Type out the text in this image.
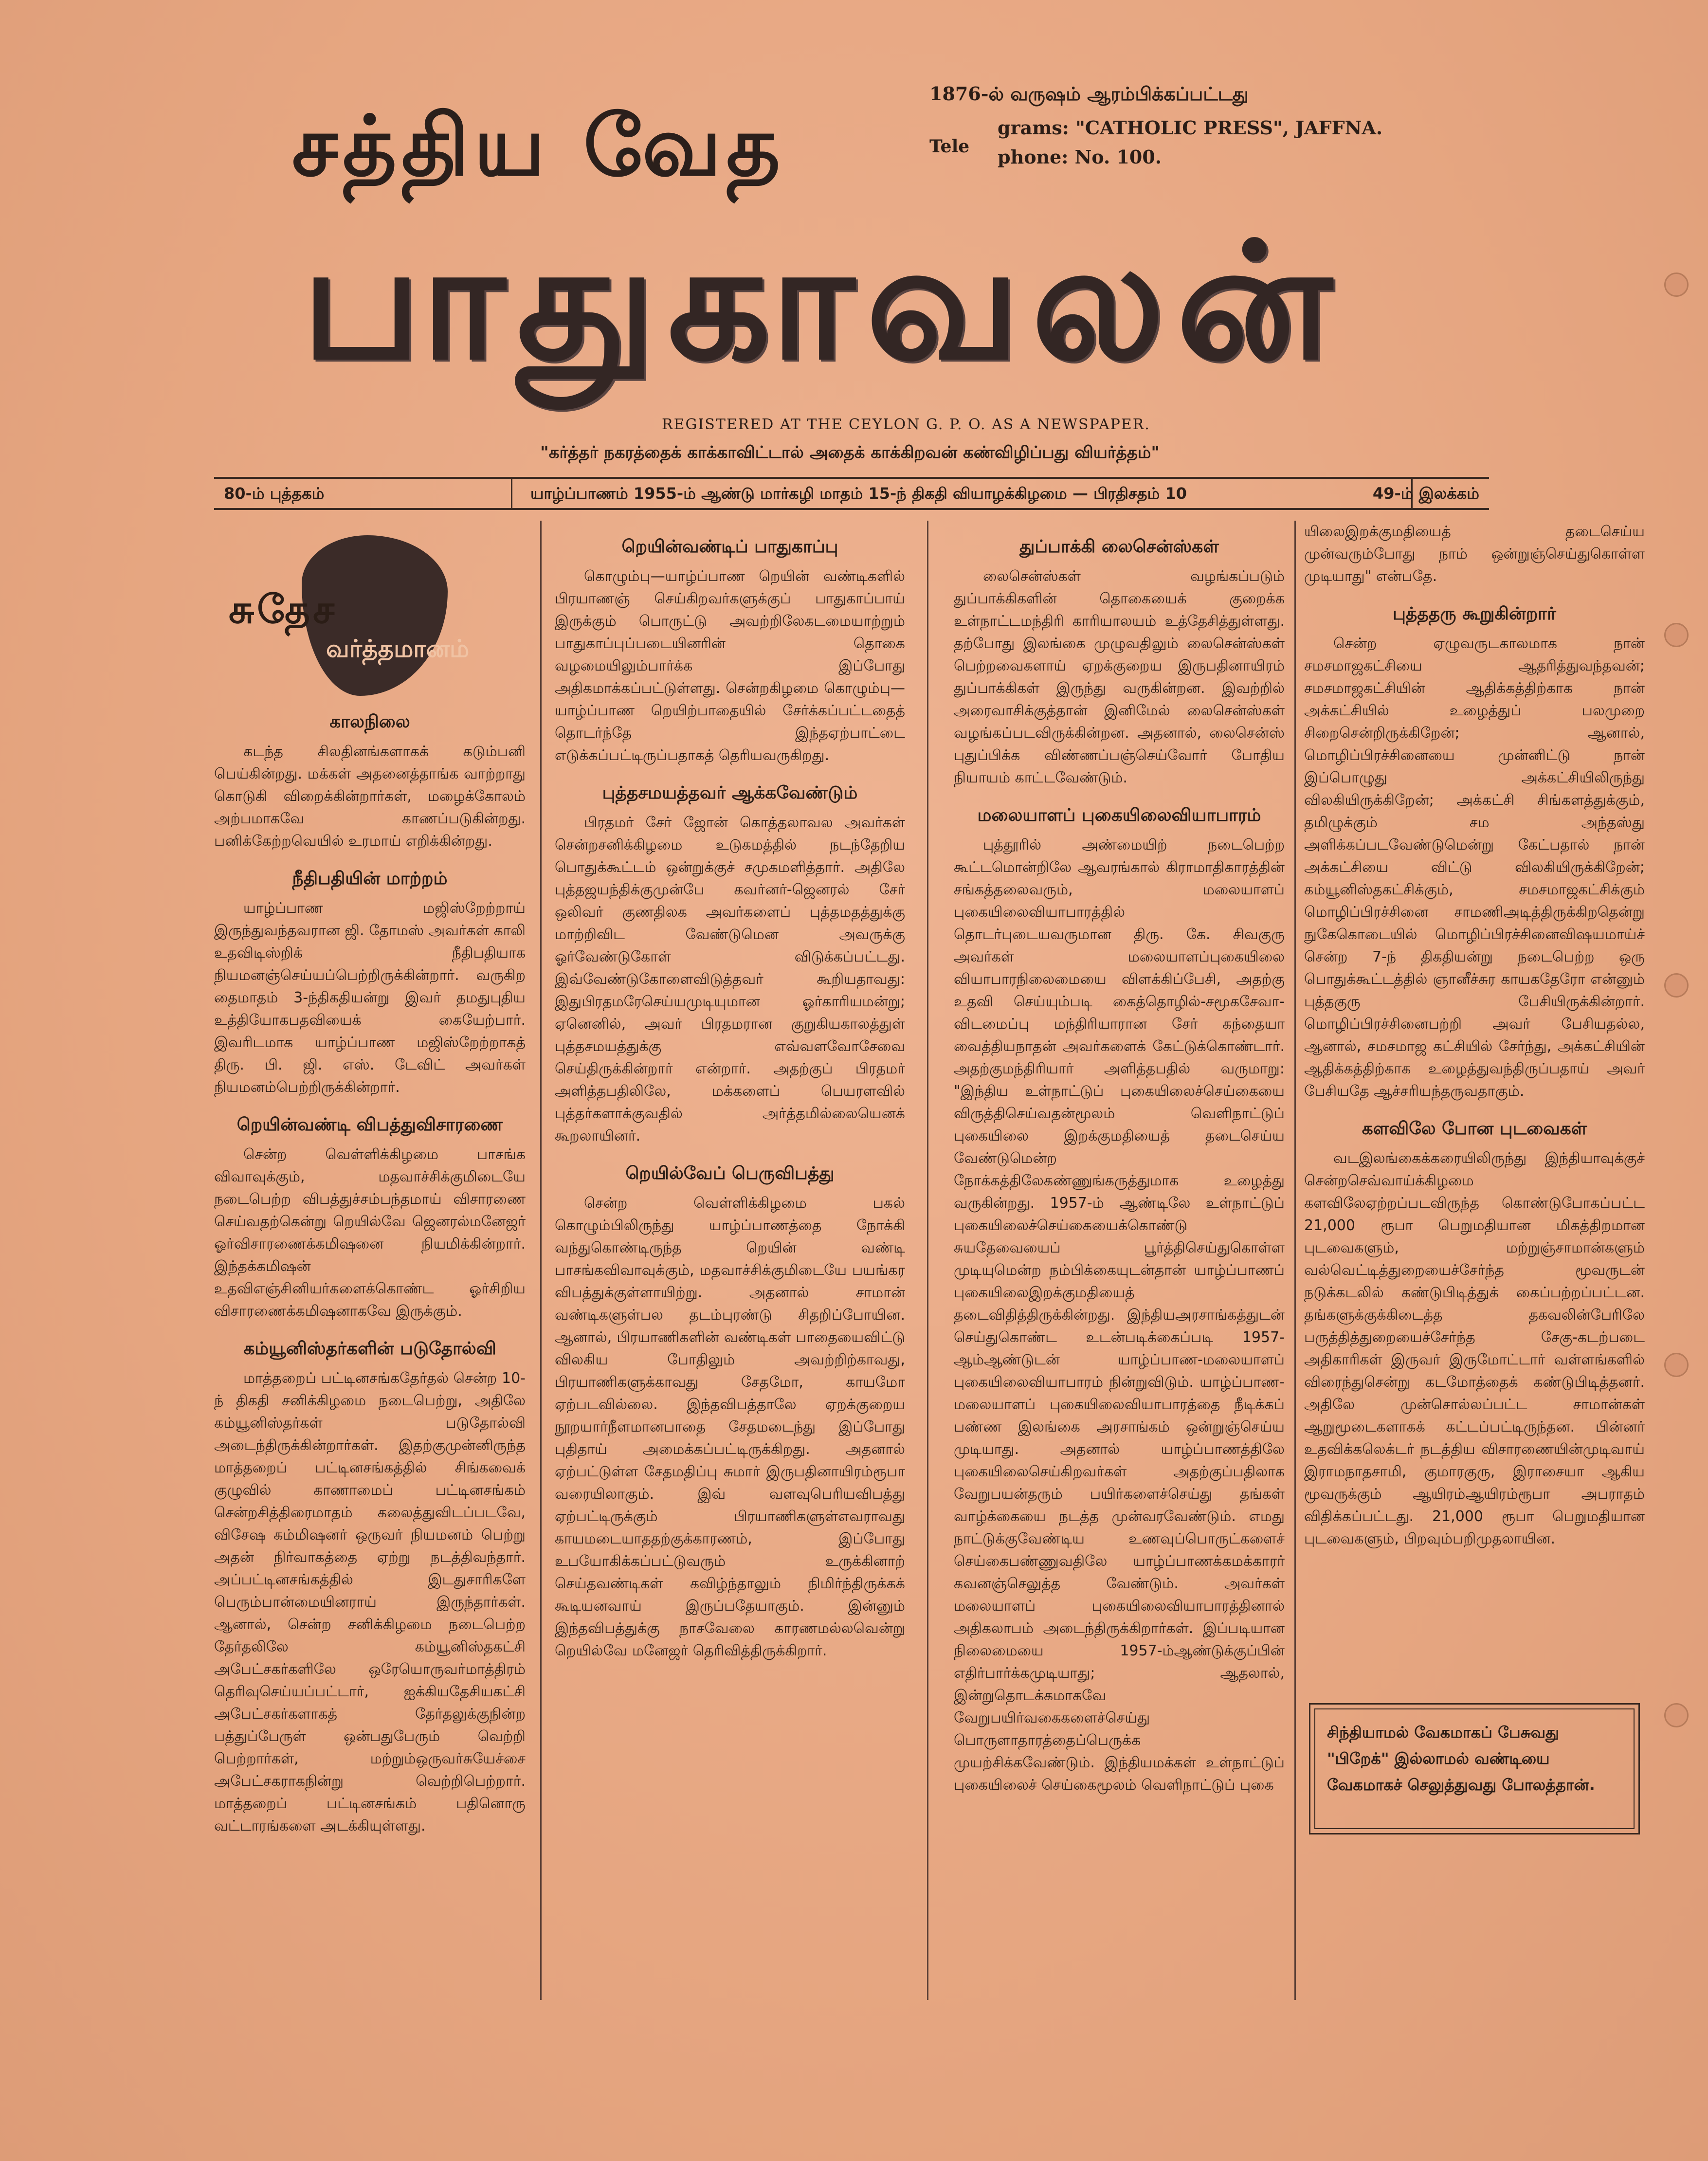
சத்திய வேத
பாதுகாவலன்
1876-ல் வருஷம் ஆரம்பிக்கப்பட்டது
Tele
grams: "CATHOLIC PRESS", JAFFNA.
phone: No. 100.
REGISTERED AT THE CEYLON G. P. O. AS A NEWSPAPER.
"கர்த்தர் நகரத்தைக் காக்காவிட்டால் அதைக் காக்கிறவன் கண்விழிப்பது வியர்த்தம்"
80-ம் புத்தகம்	யாழ்ப்பாணம் 1955-ம் ஆண்டு மார்கழி மாதம் 15-ந் திகதி வியாழக்கிழமை — பிரதிசதம் 10	49-ம் இலக்கம்
சுதேச
வர்த்தமானம்
காலநிலை

கடந்த சிலதினங்களாகக் கடும்பனி பெய்கின்றது. மக்கள் அதனைத்தாங்க வாற்றாது கொடுகி விறைக்கின்றார்கள், மழைக்கோலம் அற்பமாகவே காணப்படுகின்றது. பனிக்கேற்றவெயில் உரமாய் எறிக்கின்றது.

நீதிபதியின் மாற்றம்

யாழ்ப்பாண மஜிஸ்றேற்றாய் இருந்துவந்தவரான ஜி. தோமஸ் அவர்கள் காலி உதவிடிஸ்றிக் நீதிபதியாக நியமனஞ்செய்யப்பெற்றிருக்கின்றார். வருகிற தைமாதம் 3-ந்திகதியன்று இவர் தமதுபுதிய உத்தியோகபதவியைக் கையேற்பார். இவரிடமாக யாழ்ப்பாண மஜிஸ்றேற்றாகத் திரு. பி. ஜி. எஸ். டேவிட் அவர்கள் நியமனம்பெற்றிருக்கின்றார்.

றெயின்வண்டி விபத்துவிசாரணை

சென்ற வெள்ளிக்கிழமை பாசங்க விவாவுக்கும், மதவாச்சிக்குமிடையே நடைபெற்ற விபத்துச்சம்பந்தமாய் விசாரணை செய்வதற்கென்று றெயில்வே ஜெனரல்மனேஜர் ஓர்விசாரணைக்கமிஷனை நியமிக்கின்றார். இந்தக்கமிஷன் உதவிஎஞ்சினியர்களைக்கொண்ட ஓர்சிறிய விசாரணைக்கமிஷனாகவே இருக்கும்.

கம்யூனிஸ்தர்களின் படுதோல்வி

மாத்தறைப் பட்டினசங்கதேர்தல் சென்ற 10-ந் திகதி சனிக்கிழமை நடைபெற்று, அதிலே கம்யூனிஸ்தர்கள் படுதோல்வி அடைந்திருக்கின்றார்கள். இதற்குமுன்னிருந்த மாத்தறைப் பட்டினசங்கத்தில் சிங்கவைக் குழுவில் காணாமைப் பட்டினசங்கம் சென்றசித்திரைமாதம் கலைத்துவிடப்படவே, விசேஷ கம்மிஷனர் ஒருவர் நியமனம் பெற்று அதன் நிர்வாகத்தை ஏற்று நடத்திவந்தார். அப்பட்டினசங்கத்தில் இடதுசாரிகளே பெரும்பான்மையினராய் இருந்தார்கள். ஆனால், சென்ற சனிக்கிழமை நடைபெற்ற தேர்தலிலே கம்யூனிஸ்தகட்சி அபேட்சகர்களிலே ஒரேயொருவர்மாத்திரம் தெரிவுசெய்யப்பட்டார், ஐக்கியதேசியகட்சி அபேட்சகர்களாகத் தேர்தலுக்குநின்ற பத்துப்பேருள் ஒன்பதுபேரும் வெற்றி பெற்றார்கள், மற்றும்ஒருவர்சுயேச்சை அபேட்சகராகநின்று வெற்றிபெற்றார். மாத்தறைப் பட்டினசங்கம் பதினொரு வட்டாரங்களை அடக்கியுள்ளது.

றெயின்வண்டிப் பாதுகாப்பு

கொழும்பு—யாழ்ப்பாண றெயின் வண்டிகளில் பிரயாணஞ் செய்கிறவர்களுக்குப் பாதுகாப்பாய் இருக்கும் பொருட்டு அவற்றிலேகடமையாற்றும் பாதுகாப்புப்படையினரின் தொகை வழமையிலும்பார்க்க இப்போது அதிகமாக்கப்பட்டுள்ளது. சென்றகிழமை கொழும்பு—யாழ்ப்பாண றெயிற்பாதையில் சேர்க்கப்பட்டதைத் தொடர்ந்தே இந்தஏற்பாட்டை எடுக்கப்பட்டிருப்பதாகத் தெரியவருகிறது.

புத்தசமயத்தவர் ஆக்கவேண்டும்

பிரதமர் சேர் ஜோன் கொத்தலாவல அவர்கள் சென்றசனிக்கிழமை உடுகமத்தில் நடந்தேறிய பொதுக்கூட்டம் ஒன்றுக்குச் சமுகமளித்தார். அதிலே புத்தஜயந்திக்குமுன்பே கவர்னர்-ஜெனரல் சேர் ஒலிவர் குணதிலக அவர்களைப் புத்தமதத்துக்கு மாற்றிவிட வேண்டுமென அவருக்கு ஓர்வேண்டுகோள் விடுக்கப்பட்டது. இவ்வேண்டுகோளைவிடுத்தவர் கூறியதாவது: இதுபிரதமரேசெய்யமுடியுமான ஓர்காரியமன்று; ஏனெனில், அவர் பிரதமரான குறுகியகாலத்துள் புத்தசமயத்துக்கு எவ்வளவோசேவை செய்திருக்கின்றார் என்றார். அதற்குப் பிரதமர் அளித்தபதிலிலே, மக்களைப் பெயரளவில் புத்தர்களாக்குவதில் அர்த்தமில்லையெனக் கூறலாயினர்.

றெயில்வேப் பெருவிபத்து

சென்ற வெள்ளிக்கிழமை பகல் கொழும்பிலிருந்து யாழ்ப்பாணத்தை நோக்கி வந்துகொண்டிருந்த றெயின் வண்டி பாசங்கவிவாவுக்கும், மதவாச்சிக்குமிடையே பயங்கர விபத்துக்குள்ளாயிற்று. அதனால் சாமான் வண்டிகளுள்பல தடம்புரண்டு சிதறிப்போயின. ஆனால், பிரயாணிகளின் வண்டிகள் பாதையைவிட்டு விலகிய போதிலும் அவற்றிற்காவது, பிரயாணிகளுக்காவது சேதமோ, காயமோ ஏற்படவில்லை. இந்தவிபத்தாலே ஏறக்குறைய நூறயார்நீளமானபாதை சேதமடைந்து இப்போது புதிதாய் அமைக்கப்பட்டிருக்கிறது. அதனால் ஏற்பட்டுள்ள சேதமதிப்பு சுமார் இருபதினாயிரம்ரூபா வரையிலாகும். இவ் வளவுபெரியவிபத்து ஏற்பட்டிருக்கும் பிரயாணிகளுள்எவராவது காயமடையாததற்குக்காரணம், இப்போது உபயோகிக்கப்பட்டுவரும் உருக்கினாற் செய்தவண்டிகள் கவிழ்ந்தாலும் நிமிர்ந்திருக்கக் கூடியனவாய் இருப்பதேயாகும். இன்னும் இந்தவிபத்துக்கு நாசவேலை காரணமல்லவென்று றெயில்வே மனேஜர் தெரிவித்திருக்கிறார்.

துப்பாக்கி லைசென்ஸ்கள்

லைசென்ஸ்கள் வழங்கப்படும் துப்பாக்கிகளின் தொகையைக் குறைக்க உள்நாட்டமந்திரி காரியாலயம் உத்தேசித்துள்ளது. தற்போது இலங்கை முழுவதிலும் லைசென்ஸ்கள் பெற்றவைகளாய் ஏறக்குறைய இருபதினாயிரம் துப்பாக்கிகள் இருந்து வருகின்றன. இவற்றில் அரைவாசிக்குத்தான் இனிமேல் லைசென்ஸ்கள் வழங்கப்படவிருக்கின்றன. அதனால், லைசென்ஸ் புதுப்பிக்க விண்ணப்பஞ்செய்வோர் போதிய நியாயம் காட்டவேண்டும்.

மலையாளப் புகையிலைவியாபாரம்

புத்தூரில் அண்மையிற் நடைபெற்ற கூட்டமொன்றிலே ஆவரங்கால் கிராமாதிகாரத்தின் சங்கத்தலைவரும், மலையாளப் புகையிலைவியாபாரத்தில் தொடர்புடையவருமான திரு. கே. சிவகுரு அவர்கள் மலையாளப்புகையிலை வியாபாரநிலைமையை விளக்கிப்பேசி, அதற்கு உதவி செய்யும்படி கைத்தொழில்-சமூகசேவா-விடமைப்பு மந்திரியாரான சேர் கந்தையா வைத்தியநாதன் அவர்களைக் கேட்டுக்கொண்டார். அதற்குமந்திரியார் அளித்தபதில் வருமாறு: "இந்திய உள்நாட்டுப் புகையிலைச்செய்கையை விருத்திசெய்வதன்மூலம் வெளிநாட்டுப் புகையிலை இறக்குமதியைத் தடைசெய்ய வேண்டுமென்ற நோக்கத்திலேகண்ணுங்கருத்துமாக உழைத்து வருகின்றது. 1957-ம் ஆண்டிலே உள்நாட்டுப் புகையிலைச்செய்கையைக்கொண்டு சுயதேவையைப் பூர்த்திசெய்துகொள்ள முடியுமென்ற நம்பிக்கையுடன்தான் யாழ்ப்பாணப் புகையிலைஇறக்குமதியைத் தடைவிதித்திருக்கின்றது. இந்தியஅரசாங்கத்துடன் செய்துகொண்ட உடன்படிக்கைப்படி 1957-ஆம்ஆண்டுடன் யாழ்ப்பாண-மலையாளப் புகையிலைவியாபாரம் நின்றுவிடும். யாழ்ப்பாண-மலையாளப் புகையிலைவியாபாரத்தை நீடிக்கப் பண்ண இலங்கை அரசாங்கம் ஒன்றுஞ்செய்ய முடியாது. அதனால் யாழ்ப்பாணத்திலே புகையிலைசெய்கிறவர்கள் அதற்குப்பதிலாக வேறுபயன்தரும் பயிர்களைச்செய்து தங்கள் வாழ்க்கையை நடத்த முன்வரவேண்டும். எமது நாட்டுக்குவேண்டிய உணவுப்பொருட்களைச் செய்கைபண்ணுவதிலே யாழ்ப்பாணக்கமக்காரர் கவனஞ்செலுத்த வேண்டும். அவர்கள் மலையாளப் புகையிலைவியாபாரத்தினால் அதிகலாபம் அடைந்திருக்கிறார்கள். இப்படியான நிலைமையை 1957-ம்ஆண்டுக்குப்பின் எதிர்பார்க்கமுடியாது; ஆதலால், இன்றுதொடக்கமாகவே வேறுபயிர்வகைகளைச்செய்து பொருளாதாரத்தைப்பெருக்க முயற்சிக்கவேண்டும். இந்தியமக்கள் உள்நாட்டுப் புகையிலைச் செய்கைமூலம் வெளிநாட்டுப் புகை

யிலைஇறக்குமதியைத் தடைசெய்ய முன்வரும்போது நாம் ஒன்றுஞ்செய்துகொள்ள முடியாது" என்பதே.

புத்ததரு கூறுகின்றார்

சென்ற ஏழுவருடகாலமாக நான் சமசமாஜகட்சியை ஆதரித்துவந்தவன்; சமசமாஜகட்சியின் ஆதிக்கத்திற்காக நான் அக்கட்சியில் உழைத்துப் பலமுறை சிறைசென்றிருக்கிறேன்; ஆனால், மொழிப்பிரச்சினையை முன்னிட்டு நான் இப்பொழுது அக்கட்சியிலிருந்து விலகியிருக்கிறேன்; அக்கட்சி சிங்களத்துக்கும், தமிழுக்கும் சம அந்தஸ்து அளிக்கப்படவேண்டுமென்று கேட்பதால் நான் அக்கட்சியை விட்டு விலகியிருக்கிறேன்; கம்யூனிஸ்தகட்சிக்கும், சமசமாஜகட்சிக்கும் மொழிப்பிரச்சினை சாமணிஅடித்திருக்கிறதென்று நுகேகொடையில் மொழிப்பிரச்சினைவிஷயமாய்ச் சென்ற 7-ந் திகதியன்று நடைபெற்ற ஒரு பொதுக்கூட்டத்தில் ஞானீச்சுர காயகதேரோ என்னும் புத்தகுரு பேசியிருக்கின்றார். மொழிப்பிரச்சினைபற்றி அவர் பேசியதல்ல, ஆனால், சமசமாஜ கட்சியில் சேர்ந்து, அக்கட்சியின் ஆதிக்கத்திற்காக உழைத்துவந்திருப்பதாய் அவர் பேசியதே ஆச்சரியந்தருவதாகும்.

களவிலே போன புடவைகள்

வடஇலங்கைக்கரையிலிருந்து இந்தியாவுக்குச் சென்றசெவ்வாய்க்கிழமை களவிலேஏற்றப்படவிருந்த கொண்டுபோகப்பட்ட 21,000 ரூபா பெறுமதியான மிகத்திறமான புடவைகளும், மற்றுஞ்சாமான்களும் வல்வெட்டித்துறையைச்சேர்ந்த மூவருடன் நடுக்கடலில் கண்டுபிடித்துக் கைப்பற்றப்பட்டன. தங்களுக்குக்கிடைத்த தகவலின்பேரிலே பருத்தித்துறையைச்சேர்ந்த சேகு-கடற்படை அதிகாரிகள் இருவர் இருமோட்டார் வள்ளங்களில் விரைந்துசென்று கடமோத்தைக் கண்டுபிடித்தனர். அதிலே முன்சொல்லப்பட்ட சாமான்கள் ஆறுமூடைகளாகக் கட்டப்பட்டிருந்தன. பின்னர் உதவிக்கலெக்டர் நடத்திய விசாரணையின்முடிவாய் இராமநாதசாமி, குமாரகுரு, இராசையா ஆகிய மூவருக்கும் ஆயிரம்ஆயிரம்ரூபா அபராதம் விதிக்கப்பட்டது. 21,000 ரூபா பெறுமதியான புடவைகளும், பிறவும்பறிமுதலாயின.

சிந்தியாமல் வேகமாகப் பேசுவது "பிறேக்" இல்லாமல் வண்டியை வேகமாகச் செலுத்துவது போலத்தான்.
